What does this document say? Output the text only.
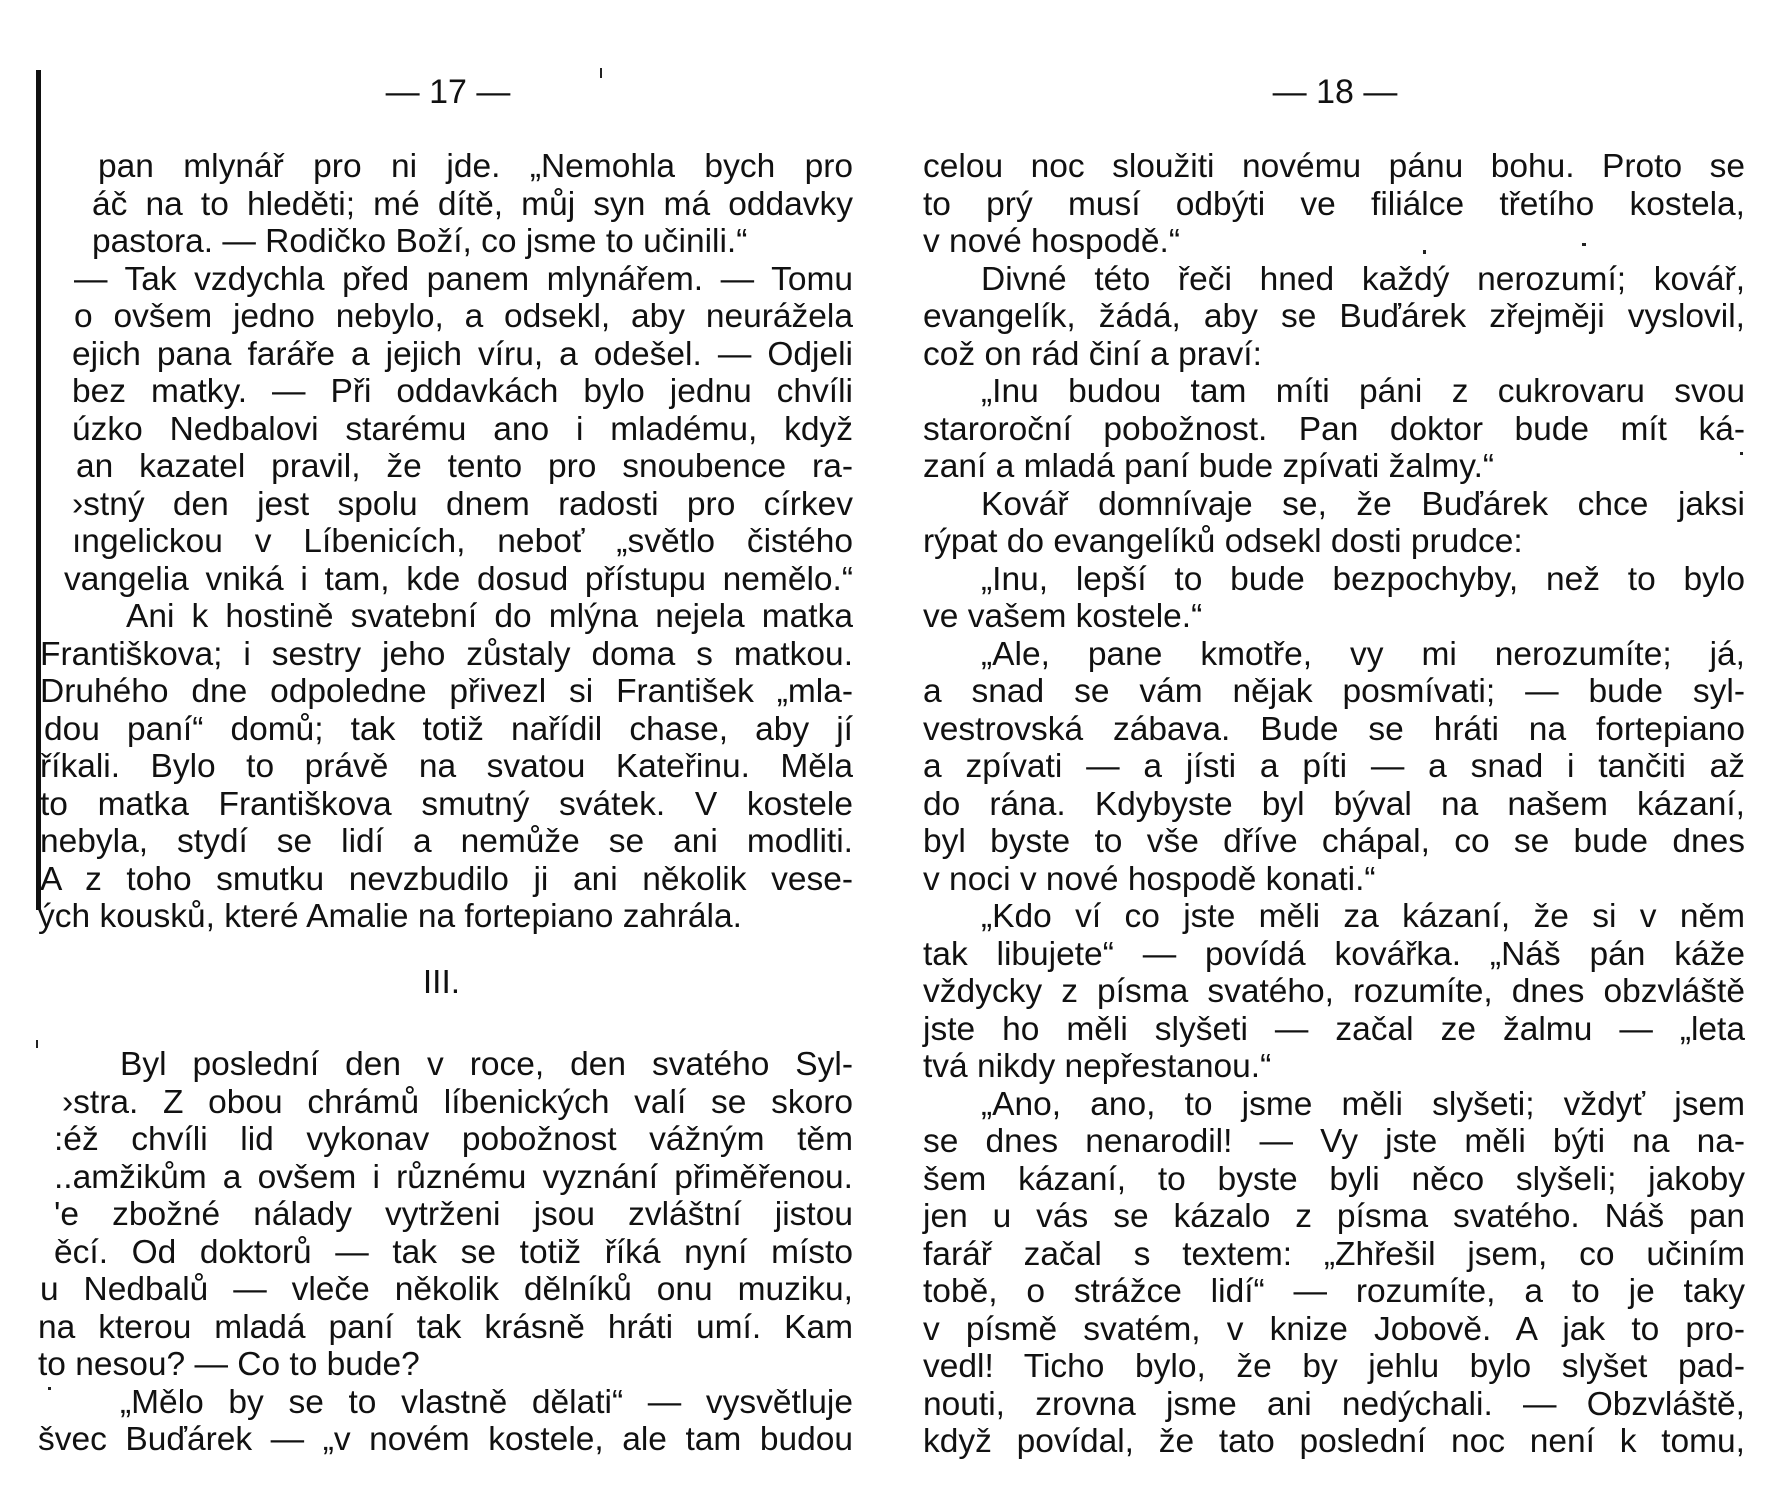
— 17 —	— 18 —
pan mlynář pro ni jde. „Nemohla bych pro
áč na to hleděti; mé dítě, můj syn má oddavky
pastora. — Rodičko Boží, co jsme to učinili.“
— Tak vzdychla před panem mlynářem. — Tomu
o ovšem jedno nebylo, a odsekl, aby neurážela
ejich pana faráře a jejich víru, a odešel. — Odjeli
bez matky. — Při oddavkách bylo jednu chvíli
úzko Nedbalovi starému ano i mladému, když
an kazatel pravil, že tento pro snoubence ra-
›stný den jest spolu dnem radosti pro církev
ıngelickou v Líbenicích, neboť „světlo čistého
vangelia vniká i tam, kde dosud přístupu nemělo.“
Ani k hostině svatební do mlýna nejela matka
Františkova; i sestry jeho zůstaly doma s matkou.
Druhého dne odpoledne přivezl si František „mla-
dou paní“ domů; tak totiž nařídil chase, aby jí
říkali. Bylo to právě na svatou Kateřinu. Měla
to matka Františkova smutný svátek. V kostele
nebyla, stydí se lidí a nemůže se ani modliti.
A z toho smutku nevzbudilo ji ani několik vese-
ých kousků, které Amalie na fortepiano zahrála.
III.
Byl poslední den v roce, den svatého Syl-
›stra. Z obou chrámů líbenických valí se skoro
:éž chvíli lid vykonav pobožnost vážným těm
..amžikům a ovšem i různému vyznání přiměřenou.
'e zbožné nálady vytrženi jsou zvláštní jistou
ěcí. Od doktorů — tak se totiž říká nyní místo
u Nedbalů — vleče několik dělníků onu muziku,
na kterou mladá paní tak krásně hráti umí. Kam
to nesou? — Co to bude?
„Mělo by se to vlastně dělati“ — vysvětluje
švec Buďárek — „v novém kostele, ale tam budou
celou noc sloužiti novému pánu bohu. Proto se
to prý musí odbýti ve filiálce třetího kostela,
v nové hospodě.“
Divné této řeči hned každý nerozumí; kovář,
evangelík, žádá, aby se Buďárek zřejměji vyslovil,
což on rád činí a praví:
„Inu budou tam míti páni z cukrovaru svou
staroroční pobožnost. Pan doktor bude mít ká-
zaní a mladá paní bude zpívati žalmy.“
Kovář domnívaje se, že Buďárek chce jaksi
rýpat do evangelíků odsekl dosti prudce:
„Inu, lepší to bude bezpochyby, než to bylo
ve vašem kostele.“
„Ale, pane kmotře, vy mi nerozumíte; já,
a snad se vám nějak posmívati; — bude syl-
vestrovská zábava. Bude se hráti na fortepiano
a zpívati — a jísti a píti — a snad i tančiti až
do rána. Kdybyste byl býval na našem kázaní,
byl byste to vše dříve chápal, co se bude dnes
v noci v nové hospodě konati.“
„Kdo ví co jste měli za kázaní, že si v něm
tak libujete“ — povídá kovářka. „Náš pán káže
vždycky z písma svatého, rozumíte, dnes obzvláště
jste ho měli slyšeti — začal ze žalmu — „leta
tvá nikdy nepřestanou.“
„Ano, ano, to jsme měli slyšeti; vždyť jsem
se dnes nenarodil! — Vy jste měli býti na na-
šem kázaní, to byste byli něco slyšeli; jakoby
jen u vás se kázalo z písma svatého. Náš pan
farář začal s textem: „Zhřešil jsem, co učiním
tobě, o strážce lidí“ — rozumíte, a to je taky
v písmě svatém, v knize Jobově. A jak to pro-
vedl! Ticho bylo, že by jehlu bylo slyšet pad-
nouti, zrovna jsme ani nedýchali. — Obzvláště,
když povídal, že tato poslední noc není k tomu,
